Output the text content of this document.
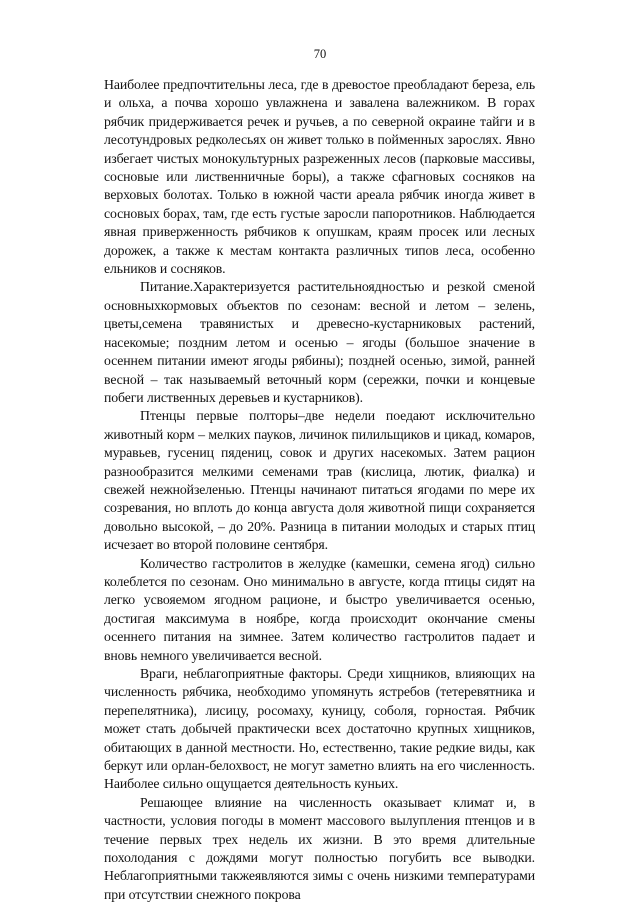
70

Наиболее предпочтительны леса, где в древостое преобладают береза, ель и ольха, а почва хорошо увлажнена и завалена валежником. В горах рябчик придерживается речек и ручьев, а по северной окраине тайги и в лесотундровых редколесьях он живет только в пойменных зарослях. Явно избегает чистых монокультурных разреженных лесов (парковые массивы, сосновые или лиственничные боры), а также сфагновых сосняков на верховых болотах. Только в южной части ареала рябчик иногда живет в сосновых борах, там, где есть густые заросли папоротников. Наблюдается явная приверженность рябчиков к опушкам, краям просек или лесных дорожек, а также к местам контакта различных типов леса, особенно ельников и сосняков.

Питание.Характеризуется растительноядностью и резкой сменой основныхкормовых объектов по сезонам: весной и летом – зелень, цветы,семена травянистых и древесно-кустарниковых растений, насекомые; поздним летом и осенью – ягоды (большое значение в осеннем питании имеют ягоды рябины); поздней осенью, зимой, ранней весной – так называемый веточный корм (сережки, почки и концевые побеги лиственных деревьев и кустарников).

Птенцы первые полторы–две недели поедают исключительно животный корм – мелких пауков, личинок пилильщиков и цикад, комаров, муравьев, гусениц пядениц, совок и других насекомых. Затем рацион разнообразится мелкими семенами трав (кислица, лютик, фиалка) и свежей нежнойзеленью. Птенцы начинают питаться ягодами по мере их созревания, но вплоть до конца августа доля животной пищи сохраняется довольно высокой, – до 20%. Разница в питании молодых и старых птиц исчезает во второй половине сентября.

Количество гастролитов в желудке (камешки, семена ягод) сильно колеблется по сезонам. Оно минимально в августе, когда птицы сидят на легко усвояемом ягодном рационе, и быстро увеличивается осенью, достигая максимума в ноябре, когда происходит окончание смены осеннего питания на зимнее. Затем количество гастролитов падает и вновь немного увеличивается весной.

Враги, неблагоприятные факторы. Среди хищников, влияющих на численность рябчика, необходимо упомянуть ястребов (тетеревятника и перепелятника), лисицу, росомаху, куницу, соболя, горностая. Рябчик может стать добычей практически всех достаточно крупных хищников, обитающих в данной местности. Но, естественно, такие редкие виды, как беркут или орлан-белохвост, не могут заметно влиять на его численность. Наиболее сильно ощущается деятельность куньих.

Решающее влияние на численность оказывает климат и, в частности, условия погоды в момент массового вылупления птенцов и в течение первых трех недель их жизни. В это время длительные похолодания с дождями могут полностью погубить все выводки. Неблагоприятными такжеявляются зимы с очень низкими температурами при отсутствии снежного покрова
